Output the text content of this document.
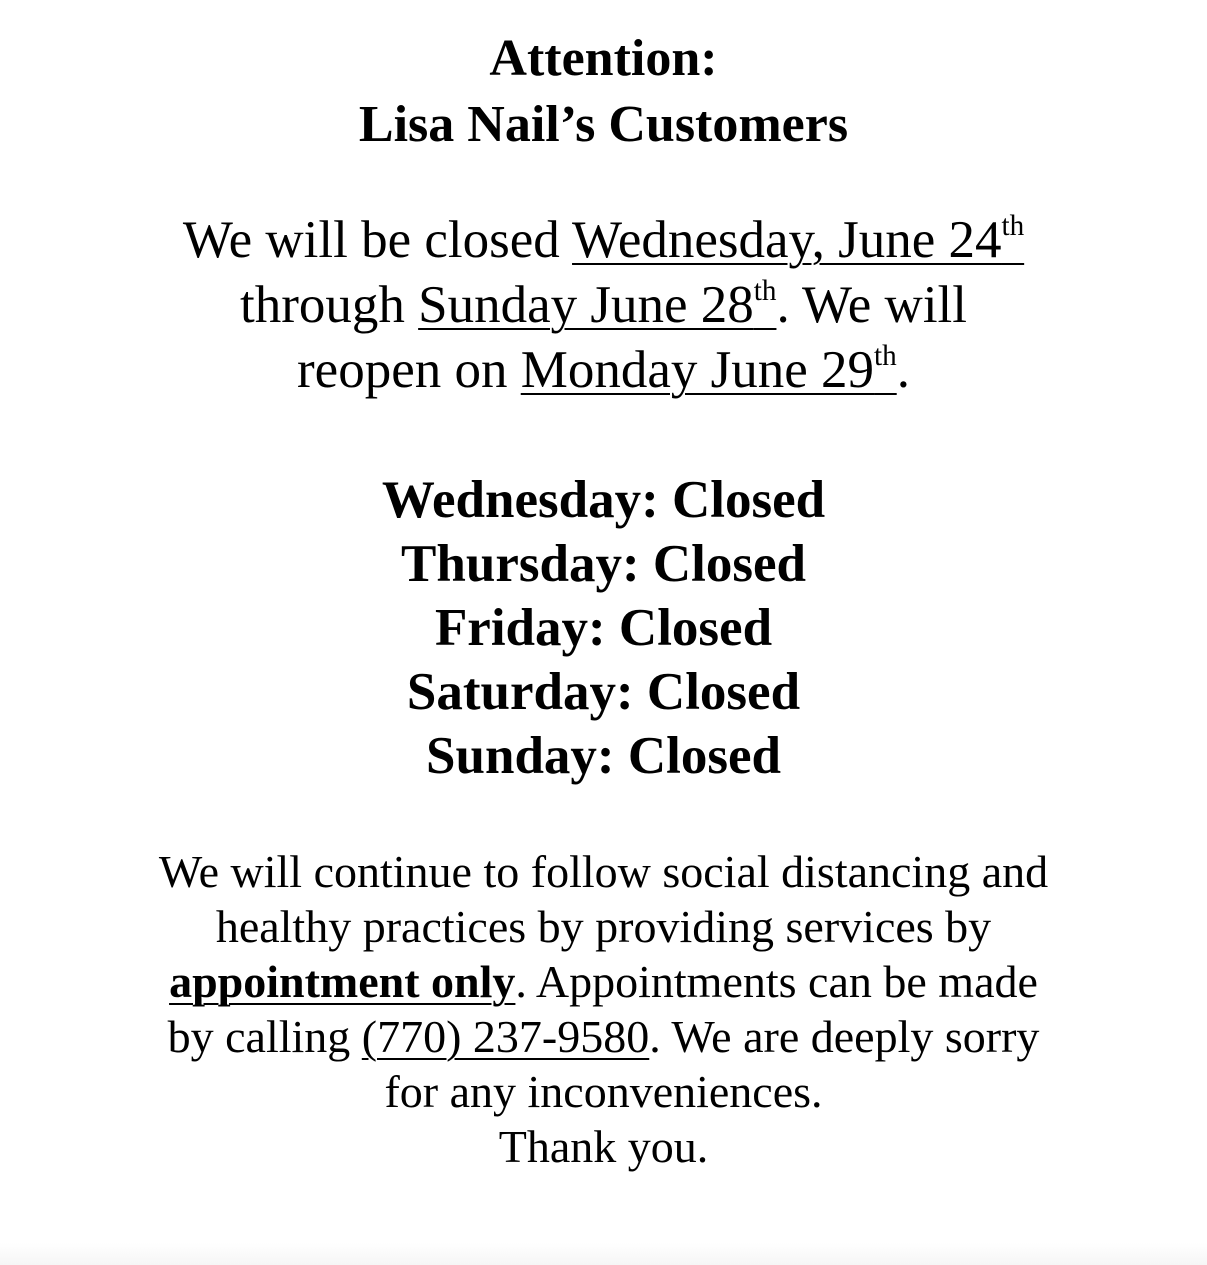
Attention:
Lisa Nail’s Customers
We will be closed Wednesday, June 24th
through Sunday June 28th. We will
reopen on Monday June 29th.
Wednesday: Closed
Thursday: Closed
Friday: Closed
Saturday: Closed
Sunday: Closed
We will continue to follow social distancing and
healthy practices by providing services by
appointment only. Appointments can be made
by calling (770) 237-9580. We are deeply sorry
for any inconveniences.
Thank you.
